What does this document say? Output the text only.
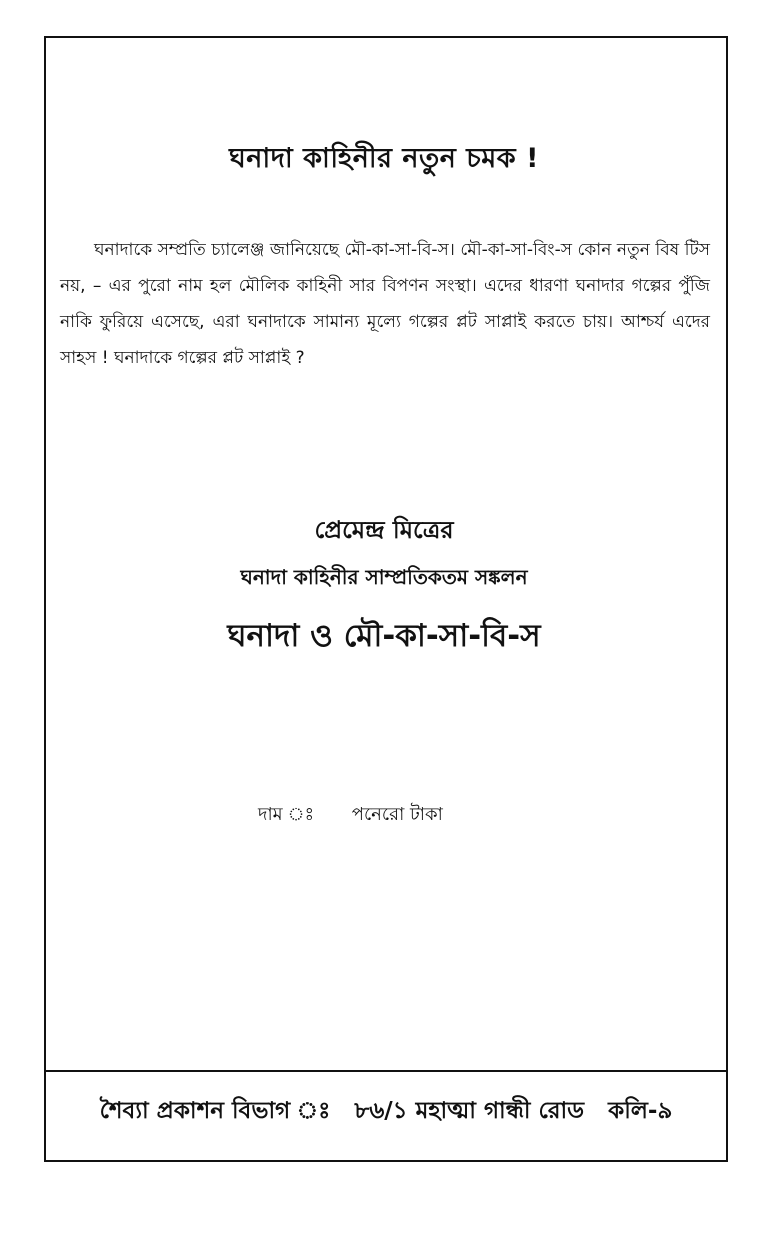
ঘনাদা কাহিনীর নতুন চমক !
ঘনাদাকে সম্প্রতি চ্যালেঞ্জ জানিয়েছে মৌ-কা-সা-বি-স। মৌ-কা-সা-বিং-স কোন নতুন বিষ টিস নয়, – এর পুরো নাম হল মৌলিক কাহিনী সার বিপণন সংস্থা। এদের ধারণা ঘনাদার গল্পের পুঁজি নাকি ফুরিয়ে এসেছে, এরা ঘনাদাকে সামান্য মূল্যে গল্পের প্লট সাপ্লাই করতে চায়। আশ্চর্য এদের সাহস ! ঘনাদাকে গল্পের প্লট সাপ্লাই ?
প্রেমেন্দ্র মিত্রের
ঘনাদা কাহিনীর সাম্প্রতিকতম সঙ্কলন
ঘনাদা ও মৌ-কা-সা-বি-স
দাম ঃ পনেরো টাকা
শৈব্যা প্রকাশন বিভাগ ঃ ৮৬/১ মহাত্মা গান্ধী রোড কলি-৯
